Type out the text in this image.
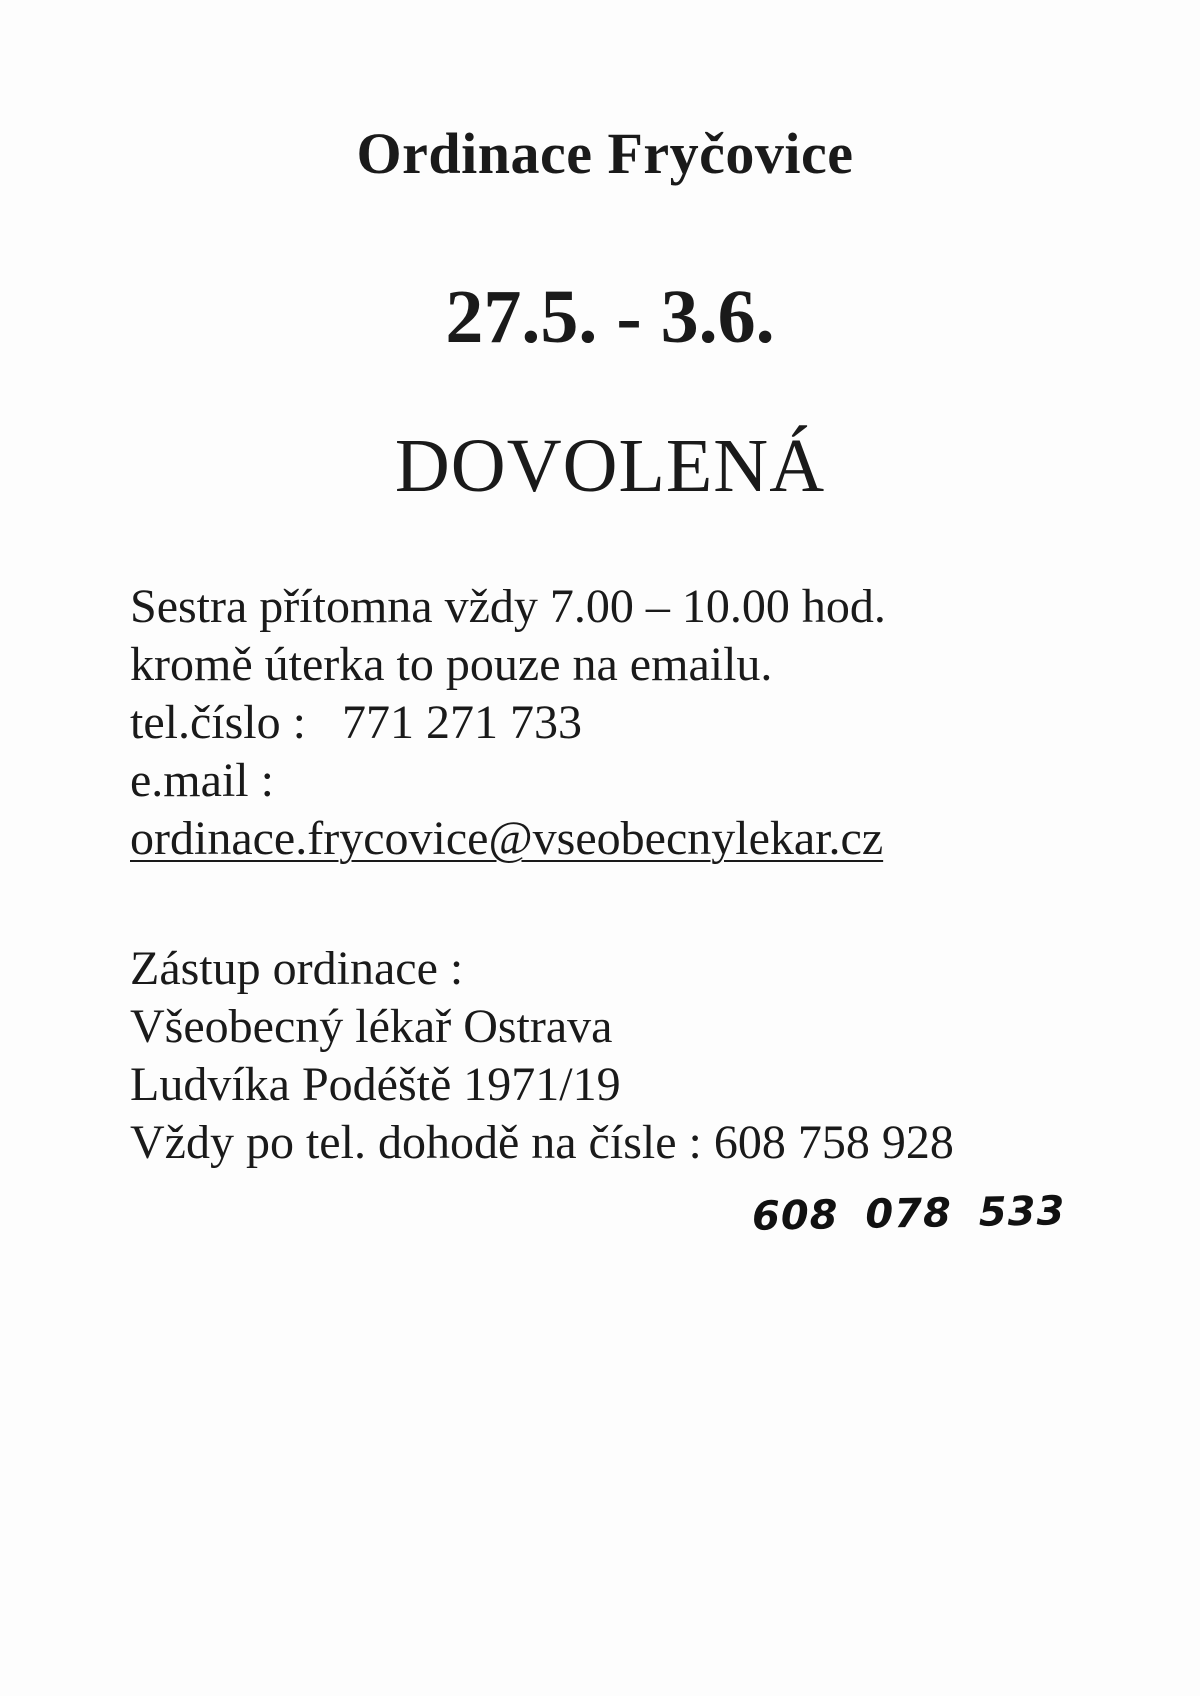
Ordinace Fryčovice
27.5. - 3.6.
DOVOLENÁ
Sestra přítomna vždy 7.00 – 10.00 hod.
kromě úterka to pouze na emailu.
tel.číslo : 771 271 733
e.mail :
ordinace.frycovice@vseobecnylekar.cz
Zástup ordinace :
Všeobecný lékař Ostrava
Ludvíka Podéště 1971/19
Vždy po tel. dohodě na čísle : 608 758 928
608 078 533
